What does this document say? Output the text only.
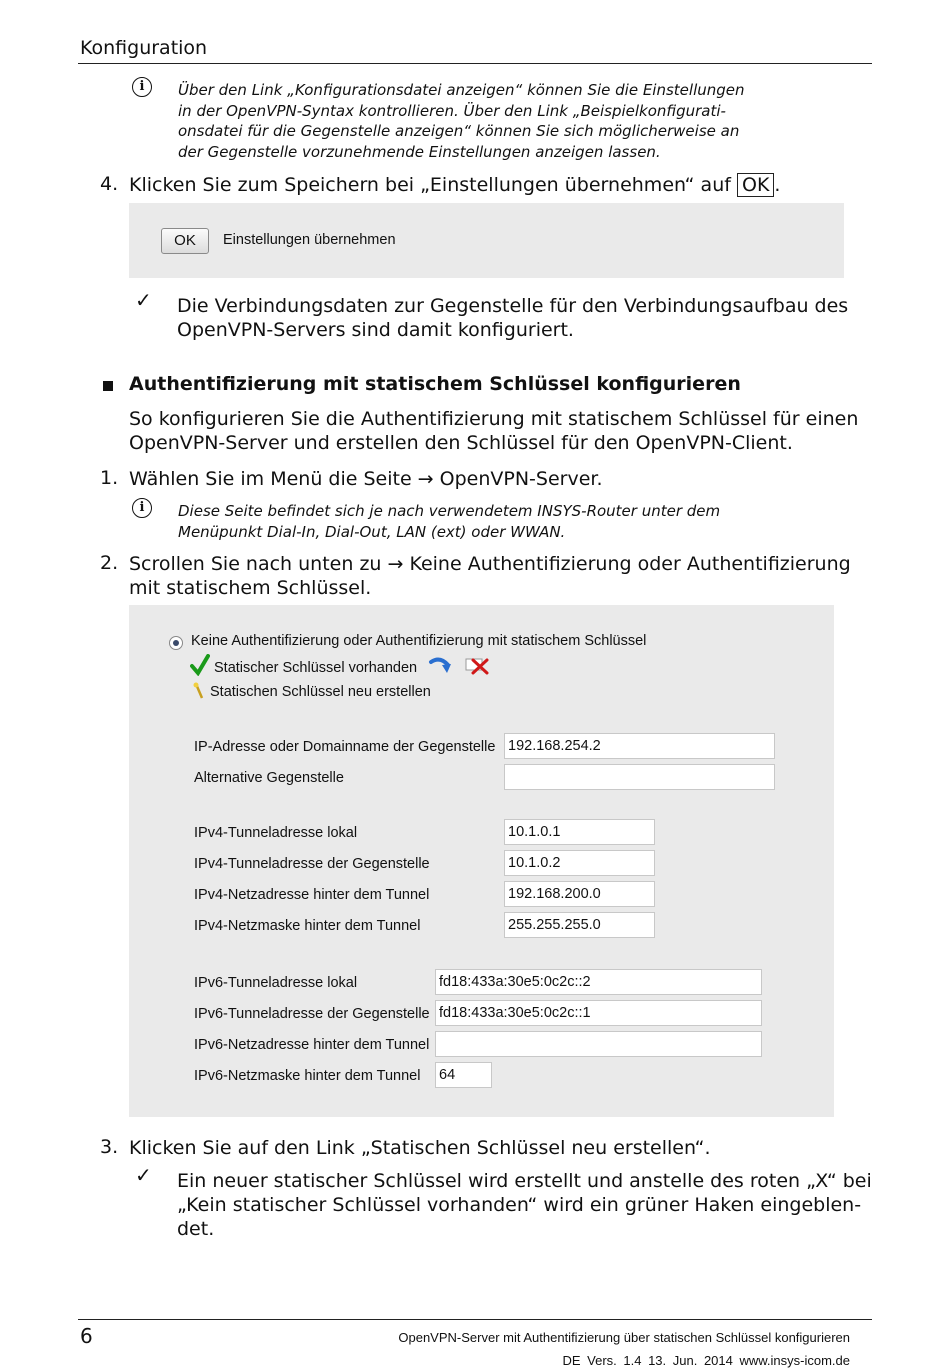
Konfiguration
i	Über den Link „Konfigurationsdatei anzeigen“ können Sie die Einstellungen
in der OpenVPN-Syntax kontrollieren. Über den Link „Beispielkonfigurati-
onsdatei für die Gegenstelle anzeigen“ können Sie sich möglicherweise an
der Gegenstelle vorzunehmende Einstellungen anzeigen lassen.
4. Klicken Sie zum Speichern bei „Einstellungen übernehmen“ auf OK .
OK	Einstellungen übernehmen
✓ Die Verbindungsdaten zur Gegenstelle für den Verbindungsaufbau des
OpenVPN-Servers sind damit konfiguriert.
Authentifizierung mit statischem Schlüssel konfigurieren
So konfigurieren Sie die Authentifizierung mit statischem Schlüssel für einen
OpenVPN-Server und erstellen den Schlüssel für den OpenVPN-Client.
1. Wählen Sie im Menü die Seite → OpenVPN-Server.
i	Diese Seite befindet sich je nach verwendetem INSYS-Router unter dem
Menüpunkt Dial-In, Dial-Out, LAN (ext) oder WWAN.
2. Scrollen Sie nach unten zu → Keine Authentifizierung oder Authentifizierung
mit statischem Schlüssel.
Keine Authentifizierung oder Authentifizierung mit statischem Schlüssel
Statischer Schlüssel vorhanden
Statischen Schlüssel neu erstellen
IP-Adresse oder Domainname der Gegenstelle 192.168.254.2
Alternative Gegenstelle
IPv4-Tunneladresse lokal	10.1.0.1
IPv4-Tunneladresse der Gegenstelle	10.1.0.2
IPv4-Netzadresse hinter dem Tunnel	192.168.200.0
IPv4-Netzmaske hinter dem Tunnel	255.255.255.0
IPv6-Tunneladresse lokal	fd18:433a:30e5:0c2c::2
IPv6-Tunneladresse der Gegenstelle fd18:433a:30e5:0c2c::1
IPv6-Netzadresse hinter dem Tunnel
IPv6-Netzmaske hinter dem Tunnel 64
3. Klicken Sie auf den Link „Statischen Schlüssel neu erstellen“.
✓ Ein neuer statischer Schlüssel wird erstellt und anstelle des roten „X“ bei
„Kein statischer Schlüssel vorhanden“ wird ein grüner Haken eingeblen-
det.
6	OpenVPN-Server mit Authentifizierung über statischen Schlüssel konfigurieren
DE Vers. 1.4 13. Jun. 2014 www.insys-icom.de
